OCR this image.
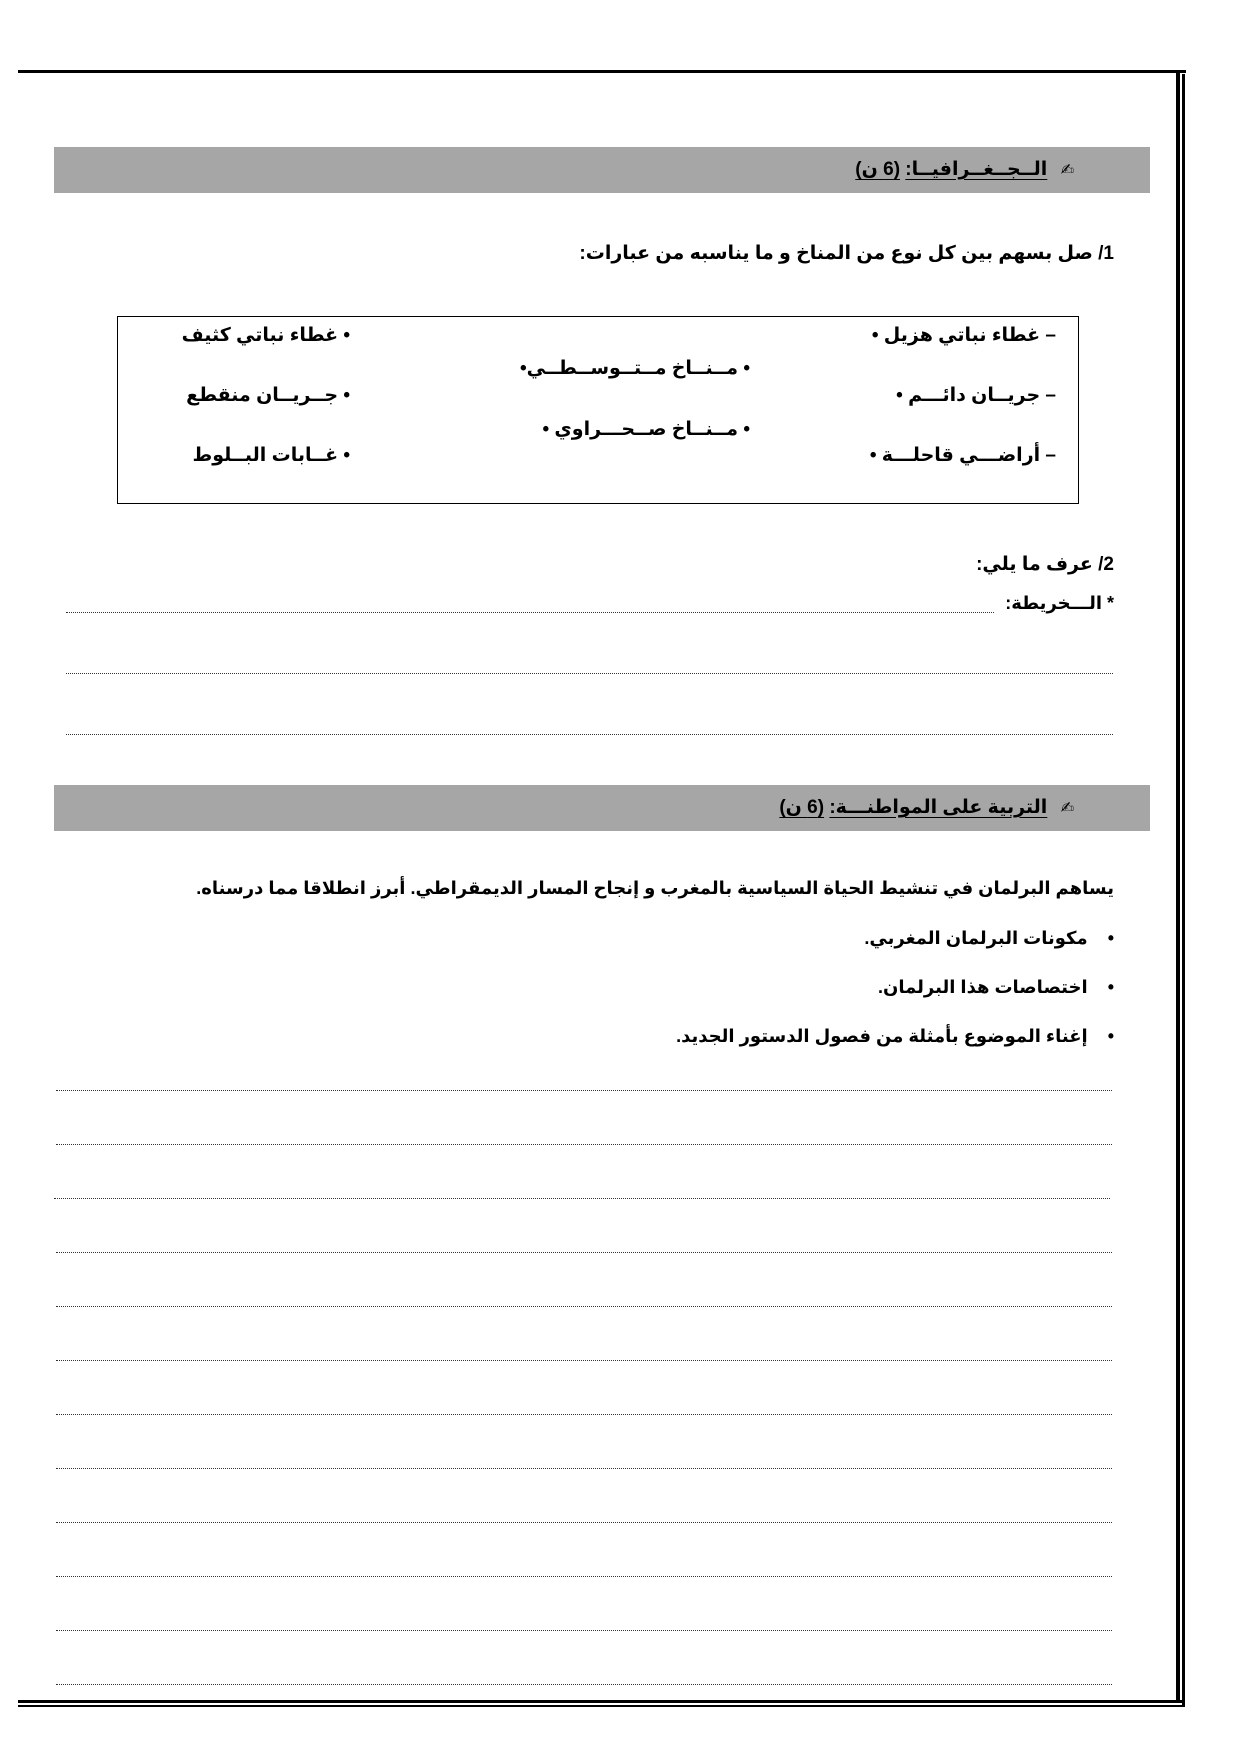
✍ الــجــغــرافيــا: (6 ن)
1/ صل بسهم بين كل نوع من المناخ و ما يناسبه من عبارات:
– غطاء نباتي هزيل •
– جريــان دائـــم •
– أراضـــي قاحلـــة •
• مــنــاخ مــتــوســطــي•
• مــنــاخ صــحـــراوي •
• غطاء نباتي كثيف
• جــريــان منقطع
• غــابات البــلوط
2/ عرف ما يلي:
* الـــخريطة:
✍ التربية على المواطنـــة: (6 ن)
يساهم البرلمان في تنشيط الحياة السياسية بالمغرب و إنجاح المسار الديمقراطي. أبرز انطلاقا مما درسناه.
•    مكونات البرلمان المغربي.
•    اختصاصات هذا البرلمان.
•    إغناء الموضوع بأمثلة من فصول الدستور الجديد.
